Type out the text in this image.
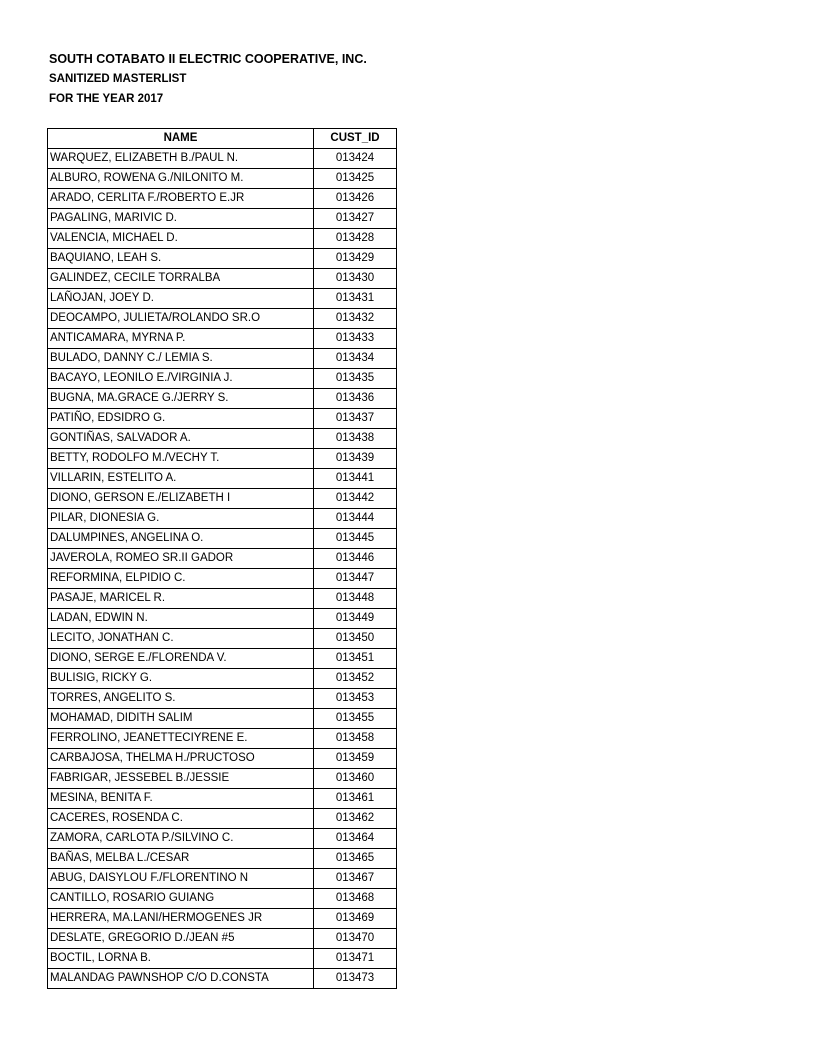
SOUTH COTABATO II ELECTRIC COOPERATIVE, INC.
SANITIZED MASTERLIST
FOR THE YEAR 2017
NAME	CUST_ID
WARQUEZ, ELIZABETH B./PAUL N.	013424
ALBURO, ROWENA G./NILONITO M.	013425
ARADO, CERLITA F./ROBERTO E.JR	013426
PAGALING, MARIVIC D.	013427
VALENCIA, MICHAEL D.	013428
BAQUIANO, LEAH S.	013429
GALINDEZ, CECILE TORRALBA	013430
LAÑOJAN, JOEY D.	013431
DEOCAMPO, JULIETA/ROLANDO SR.O	013432
ANTICAMARA, MYRNA P.	013433
BULADO, DANNY C./ LEMIA S.	013434
BACAYO, LEONILO E./VIRGINIA J.	013435
BUGNA, MA.GRACE G./JERRY S.	013436
PATIÑO, EDSIDRO G.	013437
GONTIÑAS, SALVADOR A.	013438
BETTY, RODOLFO M./VECHY T.	013439
VILLARIN, ESTELITO A.	013441
DIONO, GERSON E./ELIZABETH I	013442
PILAR, DIONESIA G.	013444
DALUMPINES, ANGELINA O.	013445
JAVEROLA, ROMEO SR.II GADOR	013446
REFORMINA, ELPIDIO C.	013447
PASAJE, MARICEL R.	013448
LADAN, EDWIN N.	013449
LECITO, JONATHAN C.	013450
DIONO, SERGE E./FLORENDA V.	013451
BULISIG, RICKY G.	013452
TORRES, ANGELITO S.	013453
MOHAMAD, DIDITH SALIM	013455
FERROLINO, JEANETTECIYRENE E.	013458
CARBAJOSA, THELMA H./PRUCTOSO	013459
FABRIGAR, JESSEBEL B./JESSIE	013460
MESINA, BENITA F.	013461
CACERES, ROSENDA C.	013462
ZAMORA, CARLOTA P./SILVINO C.	013464
BAÑAS, MELBA L./CESAR	013465
ABUG, DAISYLOU F./FLORENTINO N	013467
CANTILLO, ROSARIO GUIANG	013468
HERRERA, MA.LANI/HERMOGENES JR	013469
DESLATE, GREGORIO D./JEAN #5	013470
BOCTIL, LORNA B.	013471
MALANDAG PAWNSHOP C/O D.CONSTA	013473
